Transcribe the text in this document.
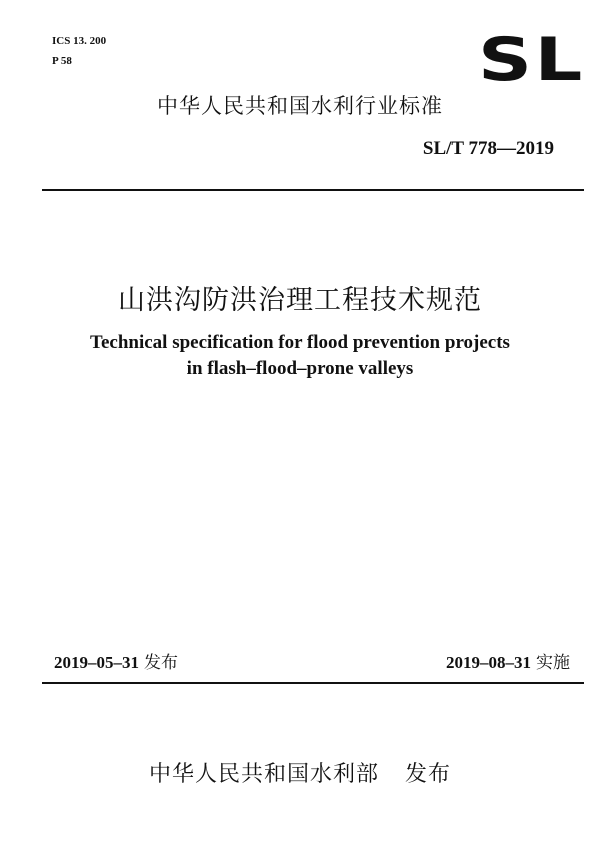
ICS 13. 200
P 58	SL
中华人民共和国水利行业标准
SL/T 778—2019
山洪沟防洪治理工程技术规范
Technical specification for flood prevention projects
in flash–flood–prone valleys
2019–05–31 发布	2019–08–31 实施
中华人民共和国水利部 发布
